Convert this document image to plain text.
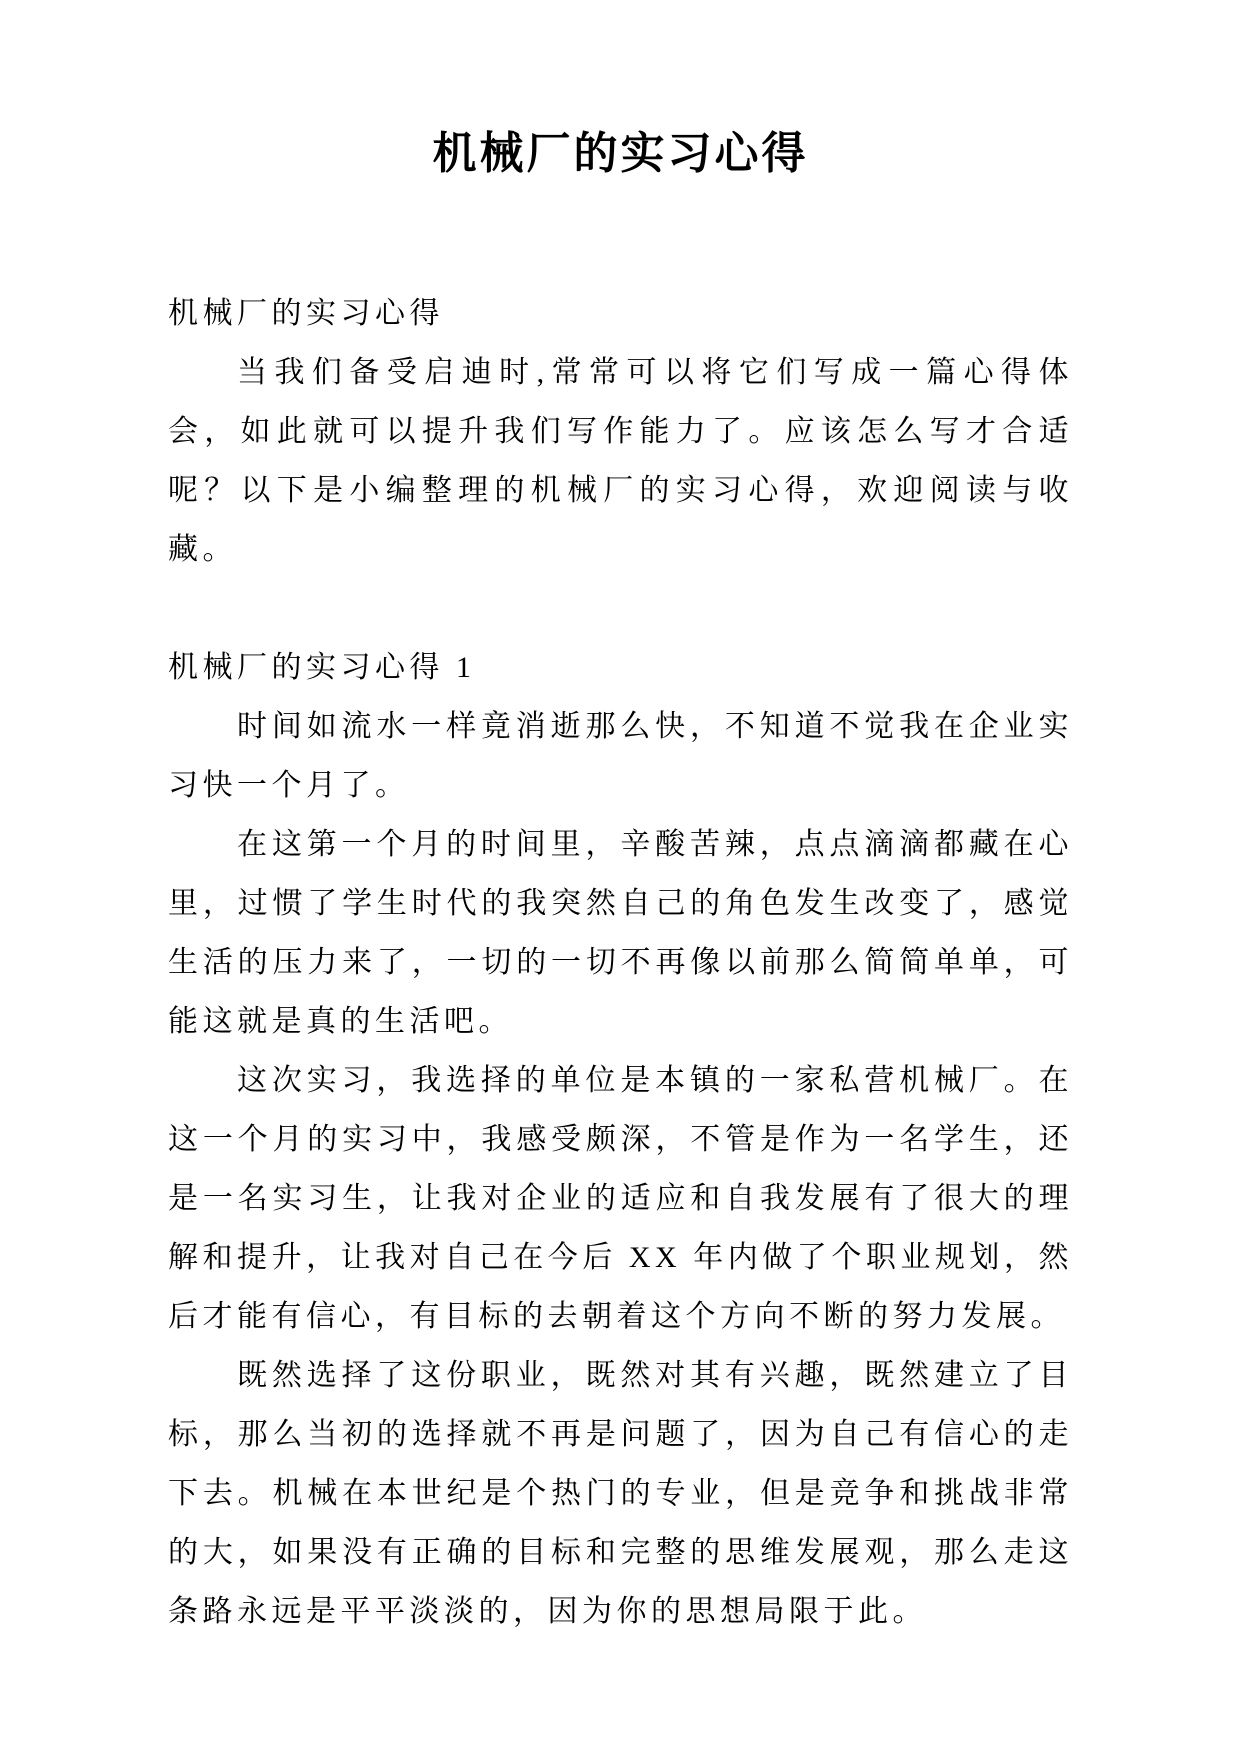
机械厂的实习心得

机械厂的实习心得

当我们备受启迪时,常常可以将它们写成一篇心得体会，如此就可以提升我们写作能力了。应该怎么写才合适呢？以下是小编整理的机械厂的实习心得，欢迎阅读与收藏。

机械厂的实习心得 1

时间如流水一样竟消逝那么快，不知道不觉我在企业实习快一个月了。

在这第一个月的时间里，辛酸苦辣，点点滴滴都藏在心里，过惯了学生时代的我突然自己的角色发生改变了，感觉生活的压力来了，一切的一切不再像以前那么简简单单，可能这就是真的生活吧。

这次实习，我选择的单位是本镇的一家私营机械厂。在这一个月的实习中，我感受颇深，不管是作为一名学生，还是一名实习生，让我对企业的适应和自我发展有了很大的理解和提升，让我对自己在今后 XX 年内做了个职业规划，然后才能有信心，有目标的去朝着这个方向不断的努力发展。

既然选择了这份职业，既然对其有兴趣，既然建立了目标，那么当初的选择就不再是问题了，因为自己有信心的走下去。机械在本世纪是个热门的专业，但是竞争和挑战非常的大，如果没有正确的目标和完整的思维发展观，那么走这条路永远是平平淡淡的，因为你的思想局限于此。
